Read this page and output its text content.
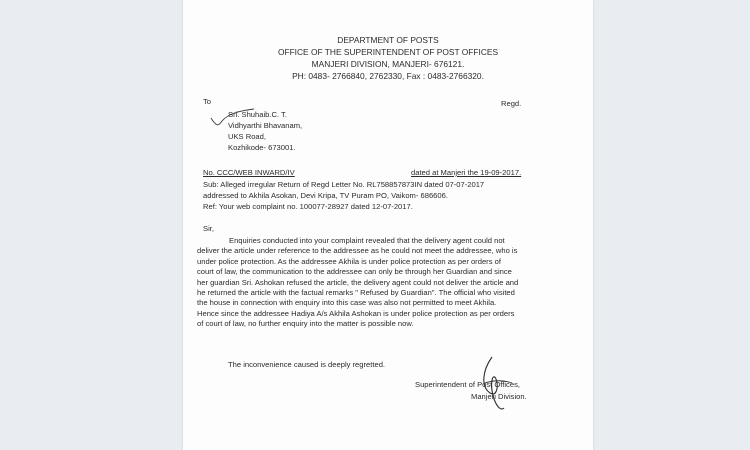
DEPARTMENT OF POSTS
OFFICE OF THE SUPERINTENDENT OF POST OFFICES
MANJERI DIVISION, MANJERI- 676121.
PH: 0483- 2766840, 2762330, Fax : 0483-2766320.
To	Regd.
Sri. Shuhaib.C. T.
Vidhyarthi Bhavanam,
UKS Road,
Kozhikode- 673001.
No. CCC/WEB INWARD/IV	dated at Manjeri the 19-09-2017.
Sub: Alleged irregular Return of Regd Letter No. RL758857873IN dated 07-07-2017
addressed to Akhila Asokan, Devi Kripa, TV Puram PO, Vaikom- 686606.
Ref: Your web complaint no. 100077-28927 dated 12-07-2017.
Sir,
Enquiries conducted into your complaint revealed that the delivery agent could not
deliver the article under reference to the addressee as he could not meet the addressee, who is
under police protection. As the addressee Akhila is under police protection as per orders of
court of law, the communication to the addressee can only be through her Guardian and since
her guardian Sri. Ashokan refused the article, the delivery agent could not deliver the article and
he returned the article with the factual remarks " Refused by Guardian". The official who visited
the house in connection with enquiry into this case was also not permitted to meet Akhila.
Hence since the addressee Hadiya A/s Akhila Ashokan is under police protection as per orders
of court of law, no further enquiry into the matter is possible now.
The inconvenience caused is deeply regretted.
Superintendent of Post Offices,
Manjeri Division.
